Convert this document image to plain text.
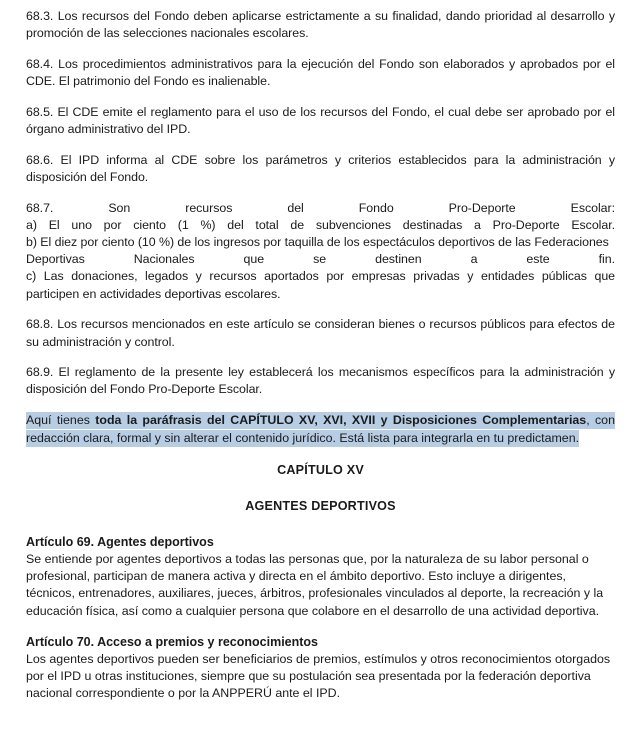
68.3. Los recursos del Fondo deben aplicarse estrictamente a su finalidad, dando prioridad al desarrollo y promoción de las selecciones nacionales escolares.

68.4. Los procedimientos administrativos para la ejecución del Fondo son elaborados y aprobados por el CDE. El patrimonio del Fondo es inalienable.

68.5. El CDE emite el reglamento para el uso de los recursos del Fondo, el cual debe ser aprobado por el órgano administrativo del IPD.

68.6. El IPD informa al CDE sobre los parámetros y criterios establecidos para la administración y disposición del Fondo.

68.7. Son recursos del Fondo Pro-Deporte Escolar:
a) El uno por ciento (1 %) del total de subvenciones destinadas a Pro-Deporte Escolar.
b) El diez por ciento (10 %) de los ingresos por taquilla de los espectáculos deportivos de las Federaciones
Deportivas Nacionales que se destinen a este fin.
c) Las donaciones, legados y recursos aportados por empresas privadas y entidades públicas que participen en actividades deportivas escolares.

68.8. Los recursos mencionados en este artículo se consideran bienes o recursos públicos para efectos de su administración y control.

68.9. El reglamento de la presente ley establecerá los mecanismos específicos para la administración y disposición del Fondo Pro-Deporte Escolar.

Aquí tienes toda la paráfrasis del CAPÍTULO XV, XVI, XVII y Disposiciones Complementarias, con redacción clara, formal y sin alterar el contenido jurídico. Está lista para integrarla en tu predictamen.

CAPÍTULO XV
AGENTES DEPORTIVOS
Artículo 69. Agentes deportivos

Se entiende por agentes deportivos a todas las personas que, por la naturaleza de su labor personal o profesional, participan de manera activa y directa en el ámbito deportivo. Esto incluye a dirigentes, técnicos, entrenadores, auxiliares, jueces, árbitros, profesionales vinculados al deporte, la recreación y la educación física, así como a cualquier persona que colabore en el desarrollo de una actividad deportiva.

Artículo 70. Acceso a premios y reconocimientos

Los agentes deportivos pueden ser beneficiarios de premios, estímulos y otros reconocimientos otorgados por el IPD u otras instituciones, siempre que su postulación sea presentada por la federación deportiva nacional correspondiente o por la ANPPERÚ ante el IPD.
